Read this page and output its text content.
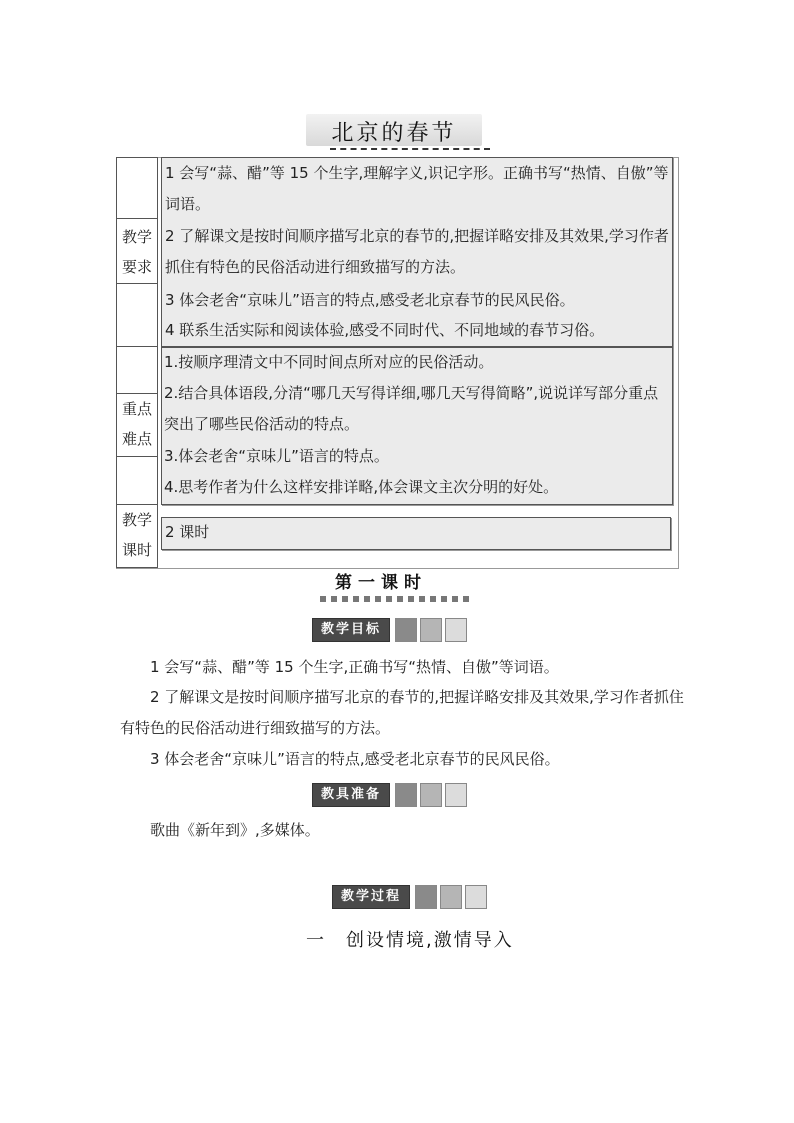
北京的春节
教学
要求
1 会写“蒜、醋”等 15 个生字,理解字义,识记字形。正确书写“热情、自傲”等词语。
2 了解课文是按时间顺序描写北京的春节的,把握详略安排及其效果,学习作者抓住有特色的民俗活动进行细致描写的方法。
3 体会老舍“京味儿”语言的特点,感受老北京春节的民风民俗。
4 联系生活实际和阅读体验,感受不同时代、不同地域的春节习俗。
重点
难点
1.按顺序理清文中不同时间点所对应的民俗活动。
2.结合具体语段,分清“哪几天写得详细,哪几天写得简略”,说说详写部分重点突出了哪些民俗活动的特点。
3.体会老舍“京味儿”语言的特点。
4.思考作者为什么这样安排详略,体会课文主次分明的好处。
教学
课时
2 课时
第一课时
教学目标
1 会写“蒜、醋”等 15 个生字,正确书写“热情、自傲”等词语。
2 了解课文是按时间顺序描写北京的春节的,把握详略安排及其效果,学习作者抓住有特色的民俗活动进行细致描写的方法。
3 体会老舍“京味儿”语言的特点,感受老北京春节的民风民俗。
教具准备
歌曲《新年到》,多媒体。
教学过程
一　创设情境,激情导入
